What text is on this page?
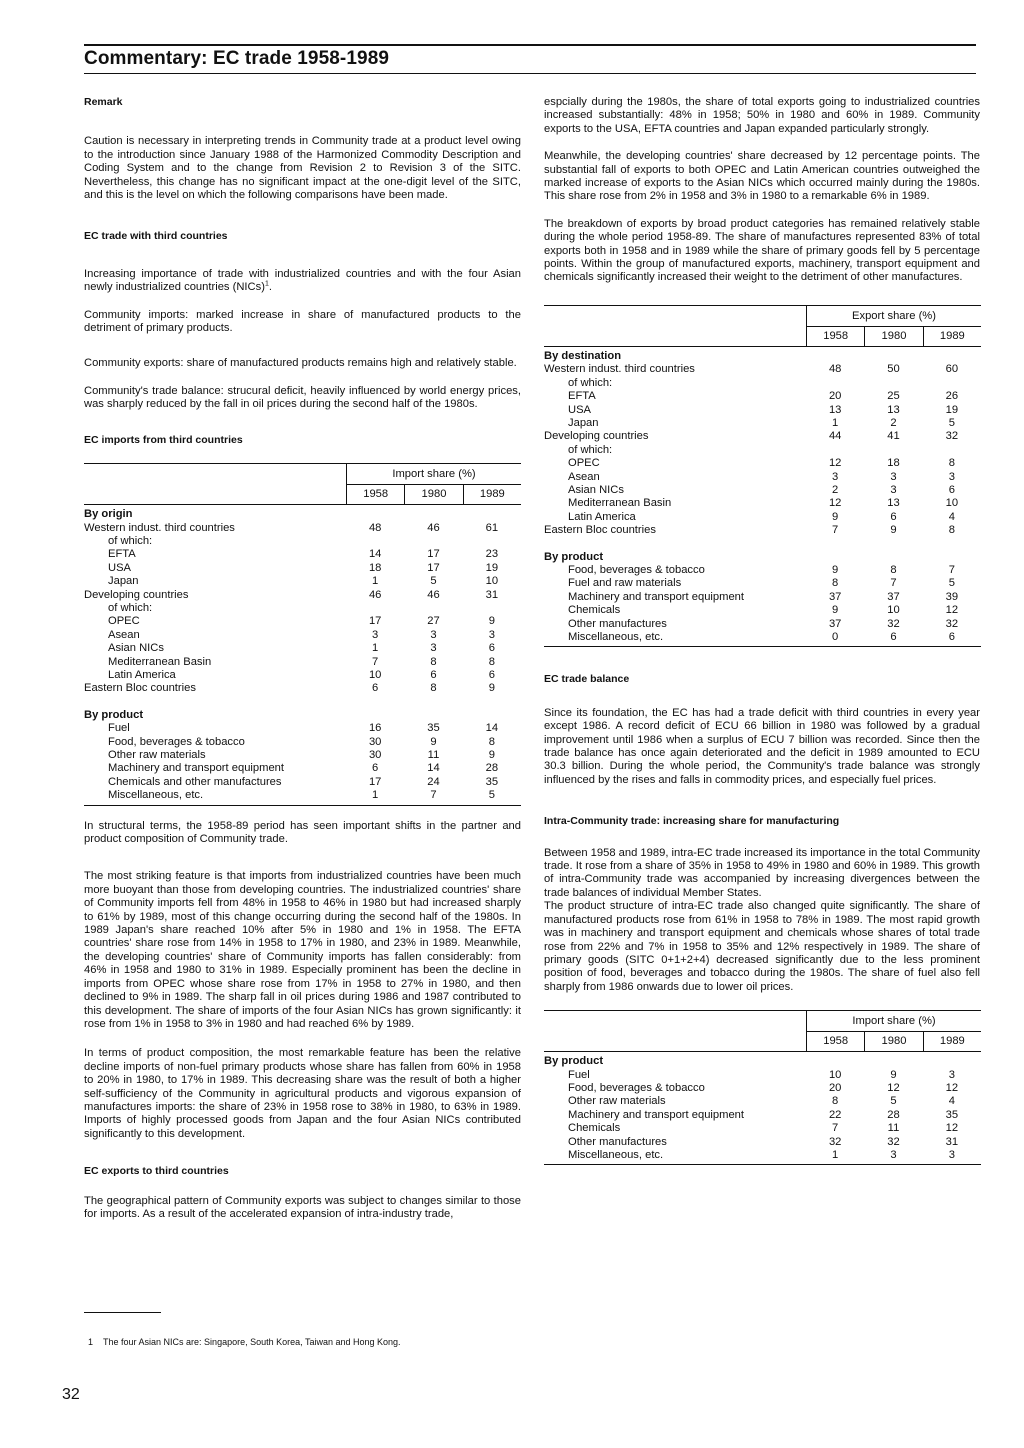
Commentary: EC trade 1958-1989
Remark

Caution is necessary in interpreting trends in Community trade at a product level owing to the introduction since January 1988 of the Harmonized Commodity Description and Coding System and to the change from Revision 2 to Revision 3 of the SITC. Nevertheless, this change has no significant impact at the one-digit level of the SITC, and this is the level on which the following comparisons have been made.

EC trade with third countries

Increasing importance of trade with industrialized countries and with the four Asian newly industrialized countries (NICs)$^1$.

Community imports: marked increase in share of manufactured products to the detriment of primary products.

Community exports: share of manufactured products remains high and relatively stable.

Community's trade balance: strucural deficit, heavily influenced by world energy prices, was sharply reduced by the fall in oil prices during the second half of the 1980s.

EC imports from third countries
Import share (%)
1958	1980	1989
By origin
Western indust. third countries	48	46	61
of which:
EFTA	14	17	23
USA	18	17	19
Japan	1	5	10
Developing countries	46	46	31
of which:
OPEC	17	27	9
Asean	3	3	3
Asian NICs	1	3	6
Mediterranean Basin	7	8	8
Latin America	10	6	6
Eastern Bloc countries	6	8	9
By product
Fuel	16	35	14
Food, beverages & tobacco	30	9	8
Other raw materials	30	11	9
Machinery and transport equipment	6	14	28
Chemicals and other manufactures	17	24	35
Miscellaneous, etc.	1	7	5

In structural terms, the 1958-89 period has seen important shifts in the partner and product composition of Community trade.

The most striking feature is that imports from industrialized countries have been much more buoyant than those from developing countries. The industrialized countries' share of Community imports fell from 48% in 1958 to 46% in 1980 but had increased sharply to 61% by 1989, most of this change occurring during the second half of the 1980s. In 1989 Japan's share reached 10% after 5% in 1980 and 1% in 1958. The EFTA countries' share rose from 14% in 1958 to 17% in 1980, and 23% in 1989. Meanwhile, the developing countries' share of Community imports has fallen considerably: from 46% in 1958 and 1980 to 31% in 1989. Especially prominent has been the decline in imports from OPEC whose share rose from 17% in 1958 to 27% in 1980, and then declined to 9% in 1989. The sharp fall in oil prices during 1986 and 1987 contributed to this development. The share of imports of the four Asian NICs has grown significantly: it rose from 1% in 1958 to 3% in 1980 and had reached 6% by 1989.

In terms of product composition, the most remarkable feature has been the relative decline imports of non-fuel primary products whose share has fallen from 60% in 1958 to 20% in 1980, to 17% in 1989. This decreasing share was the result of both a higher self-sufficiency of the Community in agricultural products and vigorous expansion of manufactures imports: the share of 23% in 1958 rose to 38% in 1980, to 63% in 1989. Imports of highly processed goods from Japan and the four Asian NICs contributed significantly to this development.

EC exports to third countries

The geographical pattern of Community exports was subject to changes similar to those for imports. As a result of the accelerated expansion of intra-industry trade,

espcially during the 1980s, the share of total exports going to industrialized countries increased substantially: 48% in 1958; 50% in 1980 and 60% in 1989. Community exports to the USA, EFTA countries and Japan expanded particularly strongly.

Meanwhile, the developing countries' share decreased by 12 percentage points. The substantial fall of exports to both OPEC and Latin American countries outweighed the marked increase of exports to the Asian NICs which occurred mainly during the 1980s. This share rose from 2% in 1958 and 3% in 1980 to a remarkable 6% in 1989.

The breakdown of exports by broad product categories has remained relatively stable during the whole period 1958-89. The share of manufactures represented 83% of total exports both in 1958 and in 1989 while the share of primary goods fell by 5 percentage points. Within the group of manufactured exports, machinery, transport equipment and chemicals significantly increased their weight to the detriment of other manufactures.

Export share (%)
1958	1980	1989
By destination
Western indust. third countries	48	50	60
of which:
EFTA	20	25	26
USA	13	13	19
Japan	1	2	5
Developing countries	44	41	32
of which:
OPEC	12	18	8
Asean	3	3	3
Asian NICs	2	3	6
Mediterranean Basin	12	13	10
Latin America	9	6	4
Eastern Bloc countries	7	9	8
By product
Food, beverages & tobacco	9	8	7
Fuel and raw materials	8	7	5
Machinery and transport equipment	37	37	39
Chemicals	9	10	12
Other manufactures	37	32	32
Miscellaneous, etc.	0	6	6
EC trade balance

Since its foundation, the EC has had a trade deficit with third countries in every year except 1986. A record deficit of ECU 66 billion in 1980 was followed by a gradual improvement until 1986 when a surplus of ECU 7 billion was recorded. Since then the trade balance has once again deteriorated and the deficit in 1989 amounted to ECU 30.3 billion. During the whole period, the Community's trade balance was strongly influenced by the rises and falls in commodity prices, and especially fuel prices.

Intra-Community trade: increasing share for manufacturing

Between 1958 and 1989, intra-EC trade increased its importance in the total Community trade. It rose from a share of 35% in 1958 to 49% in 1980 and 60% in 1989. This growth of intra-Community trade was accompanied by increasing divergences between the trade balances of individual Member States.

The product structure of intra-EC trade also changed quite significantly. The share of manufactured products rose from 61% in 1958 to 78% in 1989. The most rapid growth was in machinery and transport equipment and chemicals whose shares of total trade rose from 22% and 7% in 1958 to 35% and 12% respectively in 1989. The share of primary goods (SITC 0+1+2+4) decreased significantly due to the less prominent position of food, beverages and tobacco during the 1980s. The share of fuel also fell sharply from 1986 onwards due to lower oil prices.

Import share (%)
1958	1980	1989
By product
Fuel	10	9	3
Food, beverages & tobacco	20	12	12
Other raw materials	8	5	4
Machinery and transport equipment	22	28	35
Chemicals	7	11	12
Other manufactures	32	32	31
Miscellaneous, etc.	1	3	3
1 The four Asian NICs are: Singapore, South Korea, Taiwan and Hong Kong.
32
